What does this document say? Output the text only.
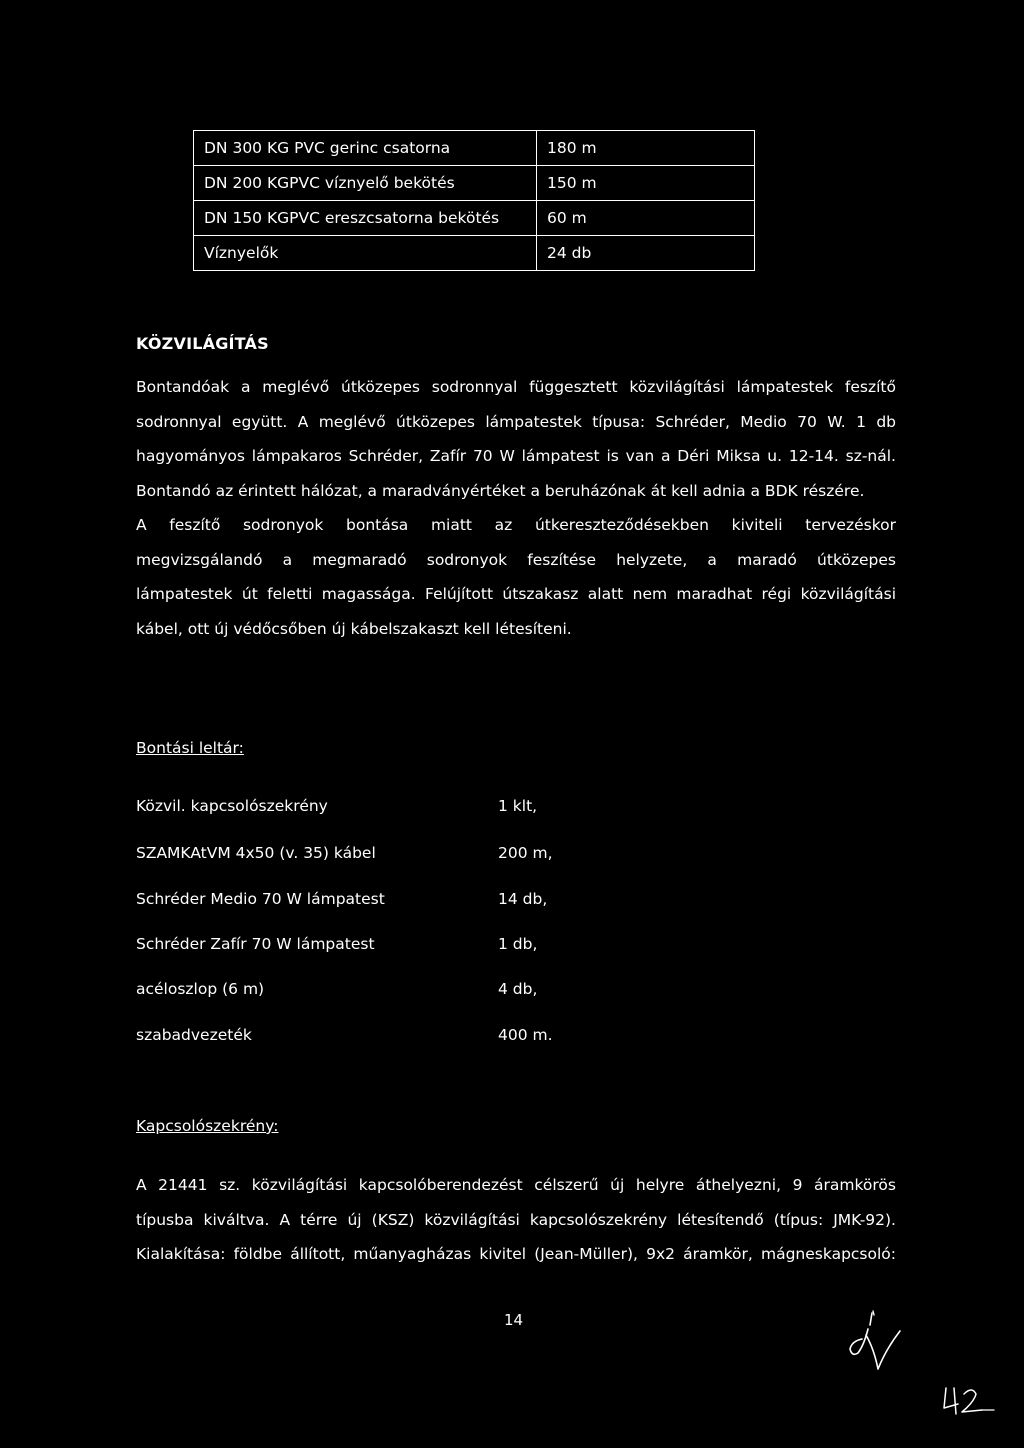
DN 300 KG PVC gerinc csatorna	180 m
DN 200 KGPVC víznyelő bekötés	150 m
DN 150 KGPVC ereszcsatorna bekötés	60 m
Víznyelők	24 db
KÖZVILÁGÍTÁS
Bontandóak a meglévő útközepes sodronnyal függesztett közvilágítási lámpatestek feszítő
sodronnyal együtt. A meglévő útközepes lámpatestek típusa: Schréder, Medio 70 W. 1 db
hagyományos lámpakaros Schréder, Zafír 70 W lámpatest is van a Déri Miksa u. 12-14. sz-nál.
Bontandó az érintett hálózat, a maradványértéket a beruházónak át kell adnia a BDK részére.
A feszítő sodronyok bontása miatt az útkereszteződésekben kiviteli tervezéskor
megvizsgálandó a megmaradó sodronyok feszítése helyzete, a maradó útközepes
lámpatestek út feletti magassága. Felújított útszakasz alatt nem maradhat régi közvilágítási
kábel, ott új védőcsőben új kábelszakaszt kell létesíteni.
Bontási leltár:
Közvil. kapcsolószekrény	1 klt,
SZAMKAtVM 4x50 (v. 35) kábel	200 m,
Schréder Medio 70 W lámpatest	14 db,
Schréder Zafír 70 W lámpatest	1 db,
acéloszlop (6 m)	4 db,
szabadvezeték	400 m.
Kapcsolószekrény:
A 21441 sz. közvilágítási kapcsolóberendezést célszerű új helyre áthelyezni, 9 áramkörös
típusba kiváltva. A térre új (KSZ) közvilágítási kapcsolószekrény létesítendő (típus: JMK-92).
Kialakítása: földbe állított, műanyagházas kivitel (Jean-Müller), 9x2 áramkör, mágneskapcsoló:
14
42
